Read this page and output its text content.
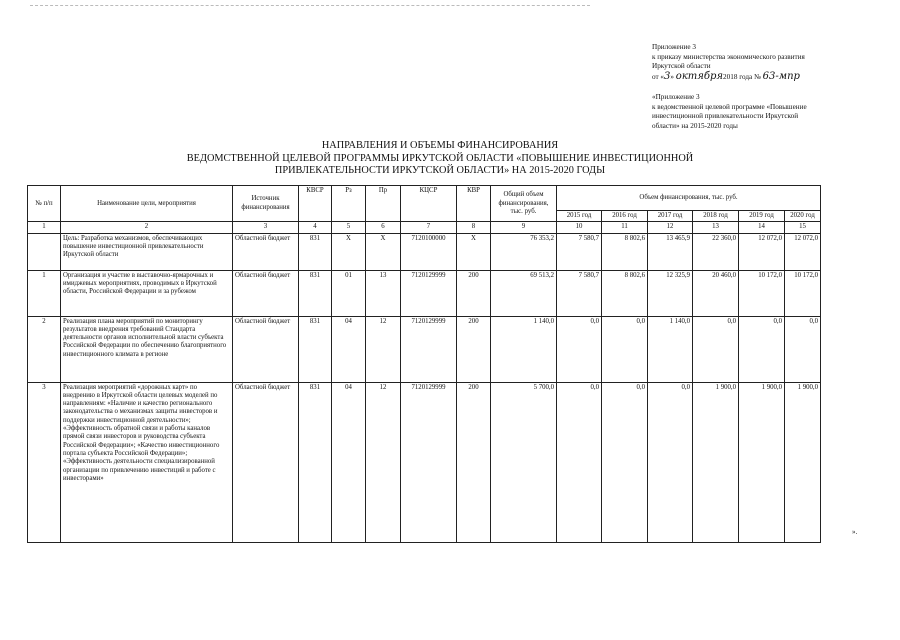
Приложение 3
к приказу министерства экономического развития
Иркутской области
от «3» октября2018 года № 63-мпр
«Приложение 3
к ведомственной целевой программе «Повышение
инвестиционной привлекательности Иркутской
области» на 2015-2020 годы
НАПРАВЛЕНИЯ И ОБЪЕМЫ ФИНАНСИРОВАНИЯ
ВЕДОМСТВЕННОЙ ЦЕЛЕВОЙ ПРОГРАММЫ ИРКУТСКОЙ ОБЛАСТИ «ПОВЫШЕНИЕ ИНВЕСТИЦИОННОЙ
ПРИВЛЕКАТЕЛЬНОСТИ ИРКУТСКОЙ ОБЛАСТИ» НА 2015-2020 ГОДЫ
№ п/п	Наименование цели, мероприятия	Источник финансирования	КВСР	Рз	Пр	КЦСР	КВР	Общий объем финансирования, тыс. руб.	Объем финансирования, тыс. руб.					
									2015 год	2016 год	2017 год	2018 год	2019 год	2020 год
1	2	3	4	5	6	7	8	9	10	11	12	13	14	15
	Цель: Разработка механизмов, обеспечивающих повышение инвестиционной привлекательности Иркутской области	Областной бюджет	831	Х	Х	7120100000	Х	76 353,2	7 580,7	8 802,6	13 465,9	22 360,0	12 072,0	12 072,0
1	Организация и участие в выставочно-ярмарочных и имиджевых мероприятиях, проводимых в Иркутской области, Российской Федерации и за рубежом	Областной бюджет	831	01	13	7120129999	200	69 513,2	7 580,7	8 802,6	12 325,9	20 460,0	10 172,0	10 172,0
2	Реализация плана мероприятий по мониторингу результатов внедрения требований Стандарта деятельности органов исполнительной власти субъекта Российской Федерации по обеспечению благоприятного инвестиционного климата в регионе	Областной бюджет	831	04	12	7120129999	200	1 140,0	0,0	0,0	1 140,0	0,0	0,0	0,0
3	Реализация мероприятий «дорожных карт» по внедрению в Иркутской области целевых моделей по направлениям: «Наличие и качество регионального законодательства о механизмах защиты инвесторов и поддержки инвестиционной деятельности»; «Эффективность обратной связи и работы каналов прямой связи инвесторов и руководства субъекта Российской Федерации»; «Качество инвестиционного портала субъекта Российской Федерации»; «Эффективность деятельности специализированной организации по привлечению инвестиций и работе с инвесторами»	Областной бюджет	831	04	12	7120129999	200	5 700,0	0,0	0,0	0,0	1 900,0	1 900,0	1 900,0
».
